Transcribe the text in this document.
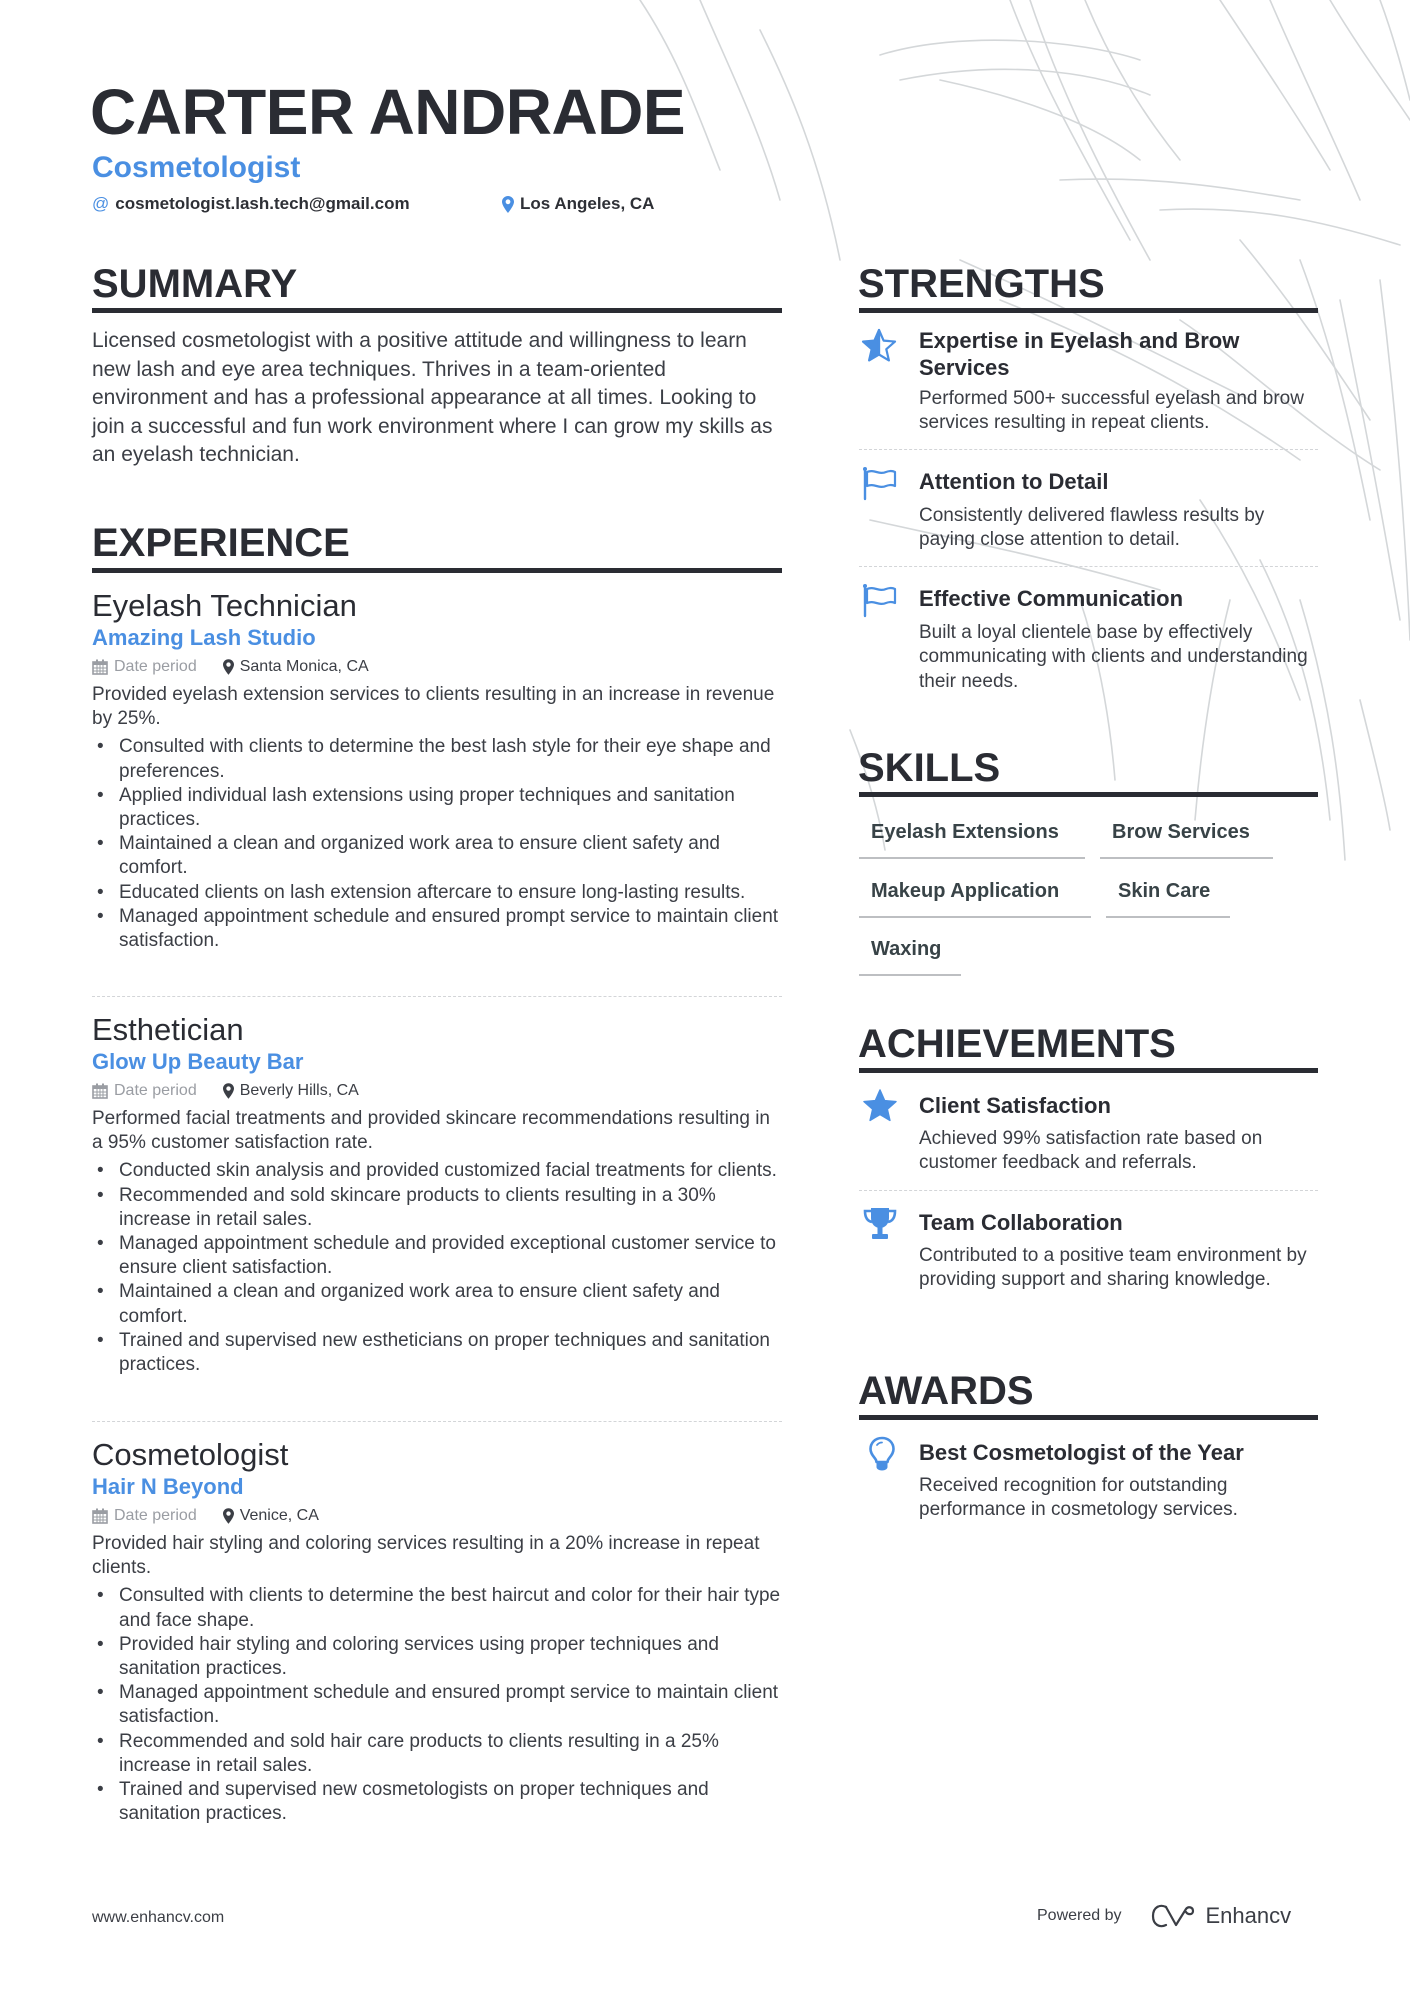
CARTER ANDRADE
Cosmetologist
@ cosmetologist.lash.tech@gmail.com	Los Angeles, CA
SUMMARY
Licensed cosmetologist with a positive attitude and willingness to learn new lash and eye area techniques. Thrives in a team-oriented environment and has a professional appearance at all times. Looking to join a successful and fun work environment where I can grow my skills as an eyelash technician.
EXPERIENCE
Eyelash Technician
Amazing Lash Studio
Date period	Santa Monica, CA
Provided eyelash extension services to clients resulting in an increase in revenue by 25%.
• Consulted with clients to determine the best lash style for their eye shape and preferences.
• Applied individual lash extensions using proper techniques and sanitation practices.
• Maintained a clean and organized work area to ensure client safety and comfort.
• Educated clients on lash extension aftercare to ensure long-lasting results.
• Managed appointment schedule and ensured prompt service to maintain client satisfaction.
Esthetician
Glow Up Beauty Bar
Date period	Beverly Hills, CA
Performed facial treatments and provided skincare recommendations resulting in a 95% customer satisfaction rate.
• Conducted skin analysis and provided customized facial treatments for clients.
• Recommended and sold skincare products to clients resulting in a 30% increase in retail sales.
• Managed appointment schedule and provided exceptional customer service to ensure client satisfaction.
• Maintained a clean and organized work area to ensure client safety and comfort.
• Trained and supervised new estheticians on proper techniques and sanitation practices.
Cosmetologist
Hair N Beyond
Date period	Venice, CA
Provided hair styling and coloring services resulting in a 20% increase in repeat clients.
• Consulted with clients to determine the best haircut and color for their hair type and face shape.
• Provided hair styling and coloring services using proper techniques and sanitation practices.
• Managed appointment schedule and ensured prompt service to maintain client satisfaction.
• Recommended and sold hair care products to clients resulting in a 25% increase in retail sales.
• Trained and supervised new cosmetologists on proper techniques and sanitation practices.
STRENGTHS
Expertise in Eyelash and Brow Services
Performed 500+ successful eyelash and brow services resulting in repeat clients.
Attention to Detail
Consistently delivered flawless results by paying close attention to detail.
Effective Communication
Built a loyal clientele base by effectively communicating with clients and understanding their needs.
SKILLS
Eyelash Extensions	Brow Services
Makeup Application	Skin Care
Waxing
ACHIEVEMENTS
Client Satisfaction
Achieved 99% satisfaction rate based on customer feedback and referrals.
Team Collaboration
Contributed to a positive team environment by providing support and sharing knowledge.
AWARDS
Best Cosmetologist of the Year
Received recognition for outstanding performance in cosmetology services.
www.enhancv.com	Powered by	Enhancv
